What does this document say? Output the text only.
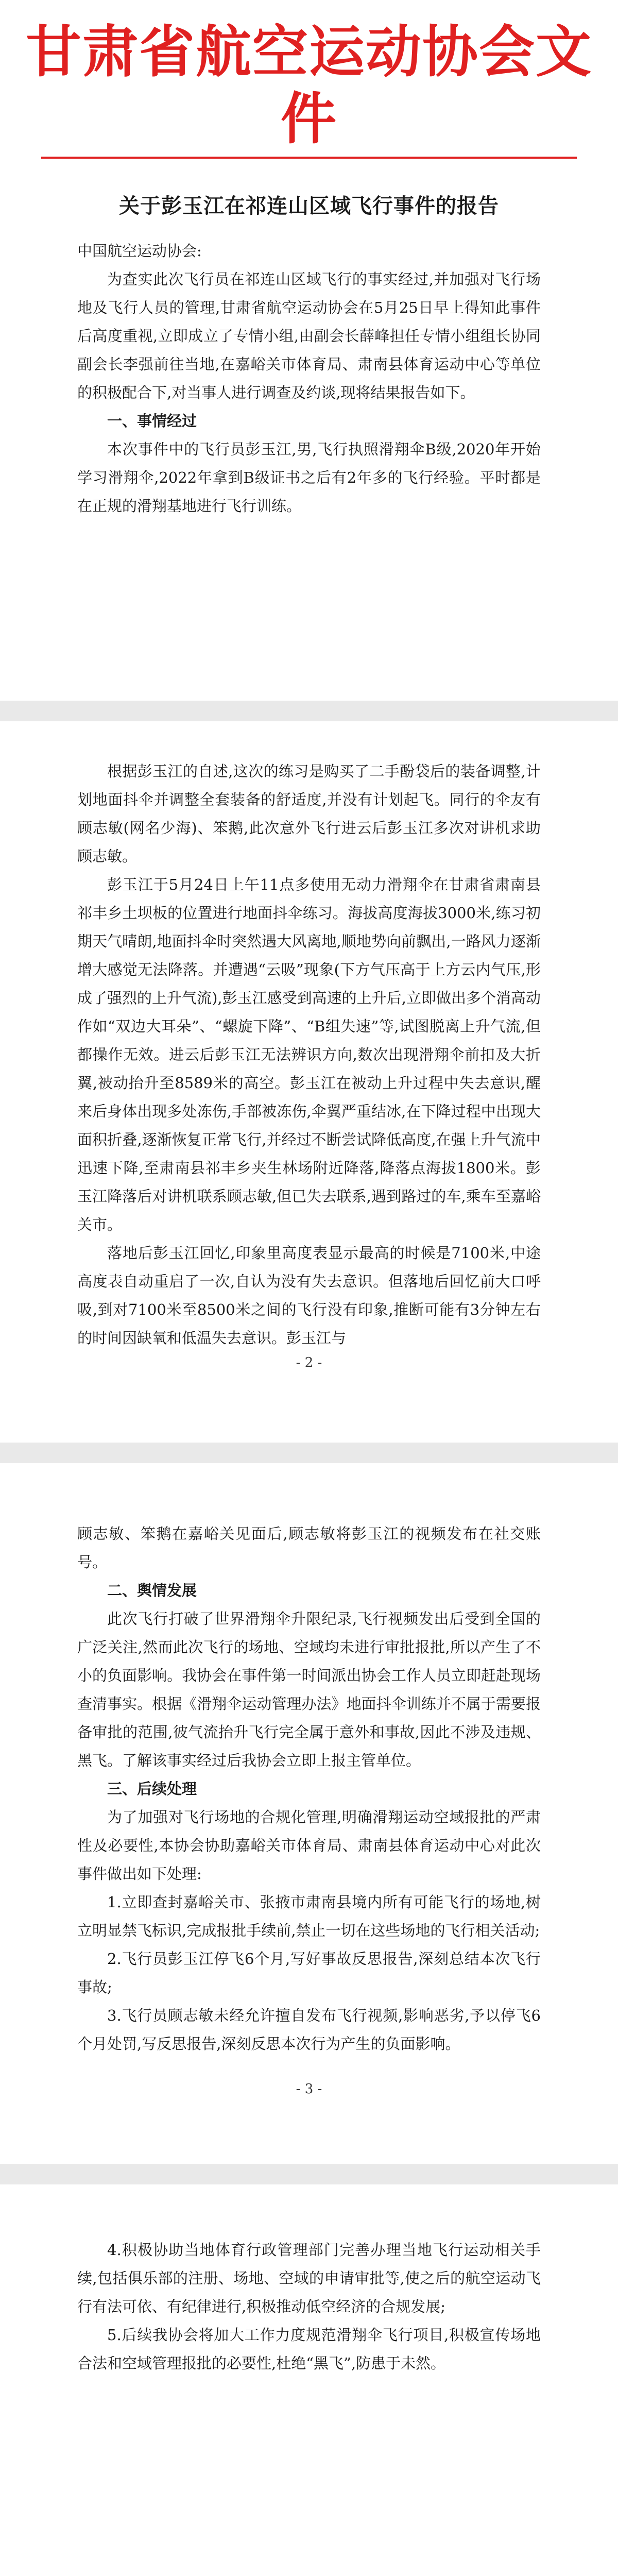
甘肃省航空运动协会文件
关于彭玉江在祁连山区域飞行事件的报告

中国航空运动协会:

为查实此次飞行员在祁连山区域飞行的事实经过,并加强对飞行场地及飞行人员的管理,甘肃省航空运动协会在5月25日早上得知此事件后高度重视,立即成立了专情小组,由副会长薛峰担任专情小组组长协同副会长李强前往当地,在嘉峪关市体育局、肃南县体育运动中心等单位的积极配合下,对当事人进行调查及约谈,现将结果报告如下。

一、事情经过

本次事件中的飞行员彭玉江,男,飞行执照滑翔伞B级,2020年开始学习滑翔伞,2022年拿到B级证书之后有2年多的飞行经验。平时都是在正规的滑翔基地进行飞行训练。

根据彭玉江的自述,这次的练习是购买了二手酚袋后的装备调整,计划地面抖伞并调整全套装备的舒适度,并没有计划起飞。同行的伞友有顾志敏(网名少海)、笨鹅,此次意外飞行进云后彭玉江多次对讲机求助顾志敏。

彭玉江于5月24日上午11点多使用无动力滑翔伞在甘肃省肃南县祁丰乡土坝板的位置进行地面抖伞练习。海拔高度海拔3000米,练习初期天气晴朗,地面抖伞时突然遇大风离地,顺地势向前飘出,一路风力逐渐增大感觉无法降落。并遭遇“云吸”现象(下方气压高于上方云内气压,形成了强烈的上升气流),彭玉江感受到高速的上升后,立即做出多个消高动作如“双边大耳朵”、“螺旋下降”、“B组失速”等,试图脱离上升气流,但都操作无效。进云后彭玉江无法辨识方向,数次出现滑翔伞前扣及大折翼,被动抬升至8589米的高空。彭玉江在被动上升过程中失去意识,醒来后身体出现多处冻伤,手部被冻伤,伞翼严重结冰,在下降过程中出现大面积折叠,逐渐恢复正常飞行,并经过不断尝试降低高度,在强上升气流中迅速下降,至肃南县祁丰乡夹生林场附近降落,降落点海拔1800米。彭玉江降落后对讲机联系顾志敏,但已失去联系,遇到路过的车,乘车至嘉峪关市。

落地后彭玉江回忆,印象里高度表显示最高的时候是7100米,中途高度表自动重启了一次,自认为没有失去意识。但落地后回忆前大口呼吸,到对7100米至8500米之间的飞行没有印象,推断可能有3分钟左右的时间因缺氧和低温失去意识。彭玉江与

- 2 -

顾志敏、笨鹅在嘉峪关见面后,顾志敏将彭玉江的视频发布在社交账号。

二、舆情发展

此次飞行打破了世界滑翔伞升限纪录,飞行视频发出后受到全国的广泛关注,然而此次飞行的场地、空域均未进行审批报批,所以产生了不小的负面影响。我协会在事件第一时间派出协会工作人员立即赶赴现场查清事实。根据《滑翔伞运动管理办法》地面抖伞训练并不属于需要报备审批的范围,彼气流抬升飞行完全属于意外和事故,因此不涉及违规、黑飞。了解该事实经过后我协会立即上报主管单位。

三、后续处理

为了加强对飞行场地的合规化管理,明确滑翔运动空域报批的严肃性及必要性,本协会协助嘉峪关市体育局、肃南县体育运动中心对此次事件做出如下处理:

1.立即查封嘉峪关市、张掖市肃南县境内所有可能飞行的场地,树立明显禁飞标识,完成报批手续前,禁止一切在这些场地的飞行相关活动;

2.飞行员彭玉江停飞6个月,写好事故反思报告,深刻总结本次飞行事故;

3.飞行员顾志敏未经允许擅自发布飞行视频,影响恶劣,予以停飞6个月处罚,写反思报告,深刻反思本次行为产生的负面影响。

- 3 -

4.积极协助当地体育行政管理部门完善办理当地飞行运动相关手续,包括俱乐部的注册、场地、空域的申请审批等,使之后的航空运动飞行有法可依、有纪律进行,积极推动低空经济的合规发展;

5.后续我协会将加大工作力度规范滑翔伞飞行项目,积极宣传场地合法和空域管理报批的必要性,杜绝“黑飞”,防患于未然。
